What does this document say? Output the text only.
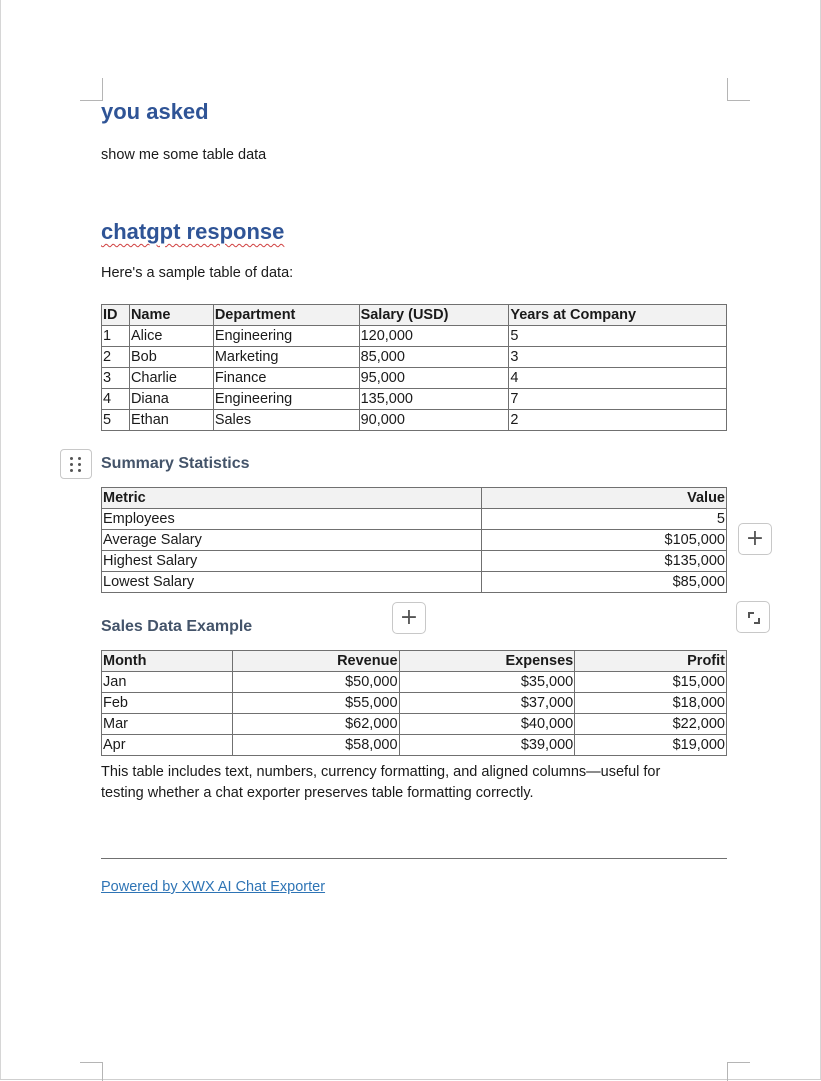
you asked

show me some table data

chatgpt response

Here's a sample table of data:

ID	Name	Department	Salary (USD)	Years at Company
1	Alice	Engineering	120,000	5
2	Bob	Marketing	85,000	3
3	Charlie	Finance	95,000	4
4	Diana	Engineering	135,000	7
5	Ethan	Sales	90,000	2
Summary Statistics
Metric	Value
Employees	5
Average Salary	$105,000
Highest Salary	$135,000
Lowest Salary	$85,000
+
+
Sales Data Example
Month	Revenue	Expenses	Profit
Jan	$50,000	$35,000	$15,000
Feb	$55,000	$37,000	$18,000
Mar	$62,000	$40,000	$22,000
Apr	$58,000	$39,000	$19,000

This table includes text, numbers, currency formatting, and aligned columns—useful for

testing whether a chat exporter preserves table formatting correctly.

Powered by XWX AI Chat Exporter
